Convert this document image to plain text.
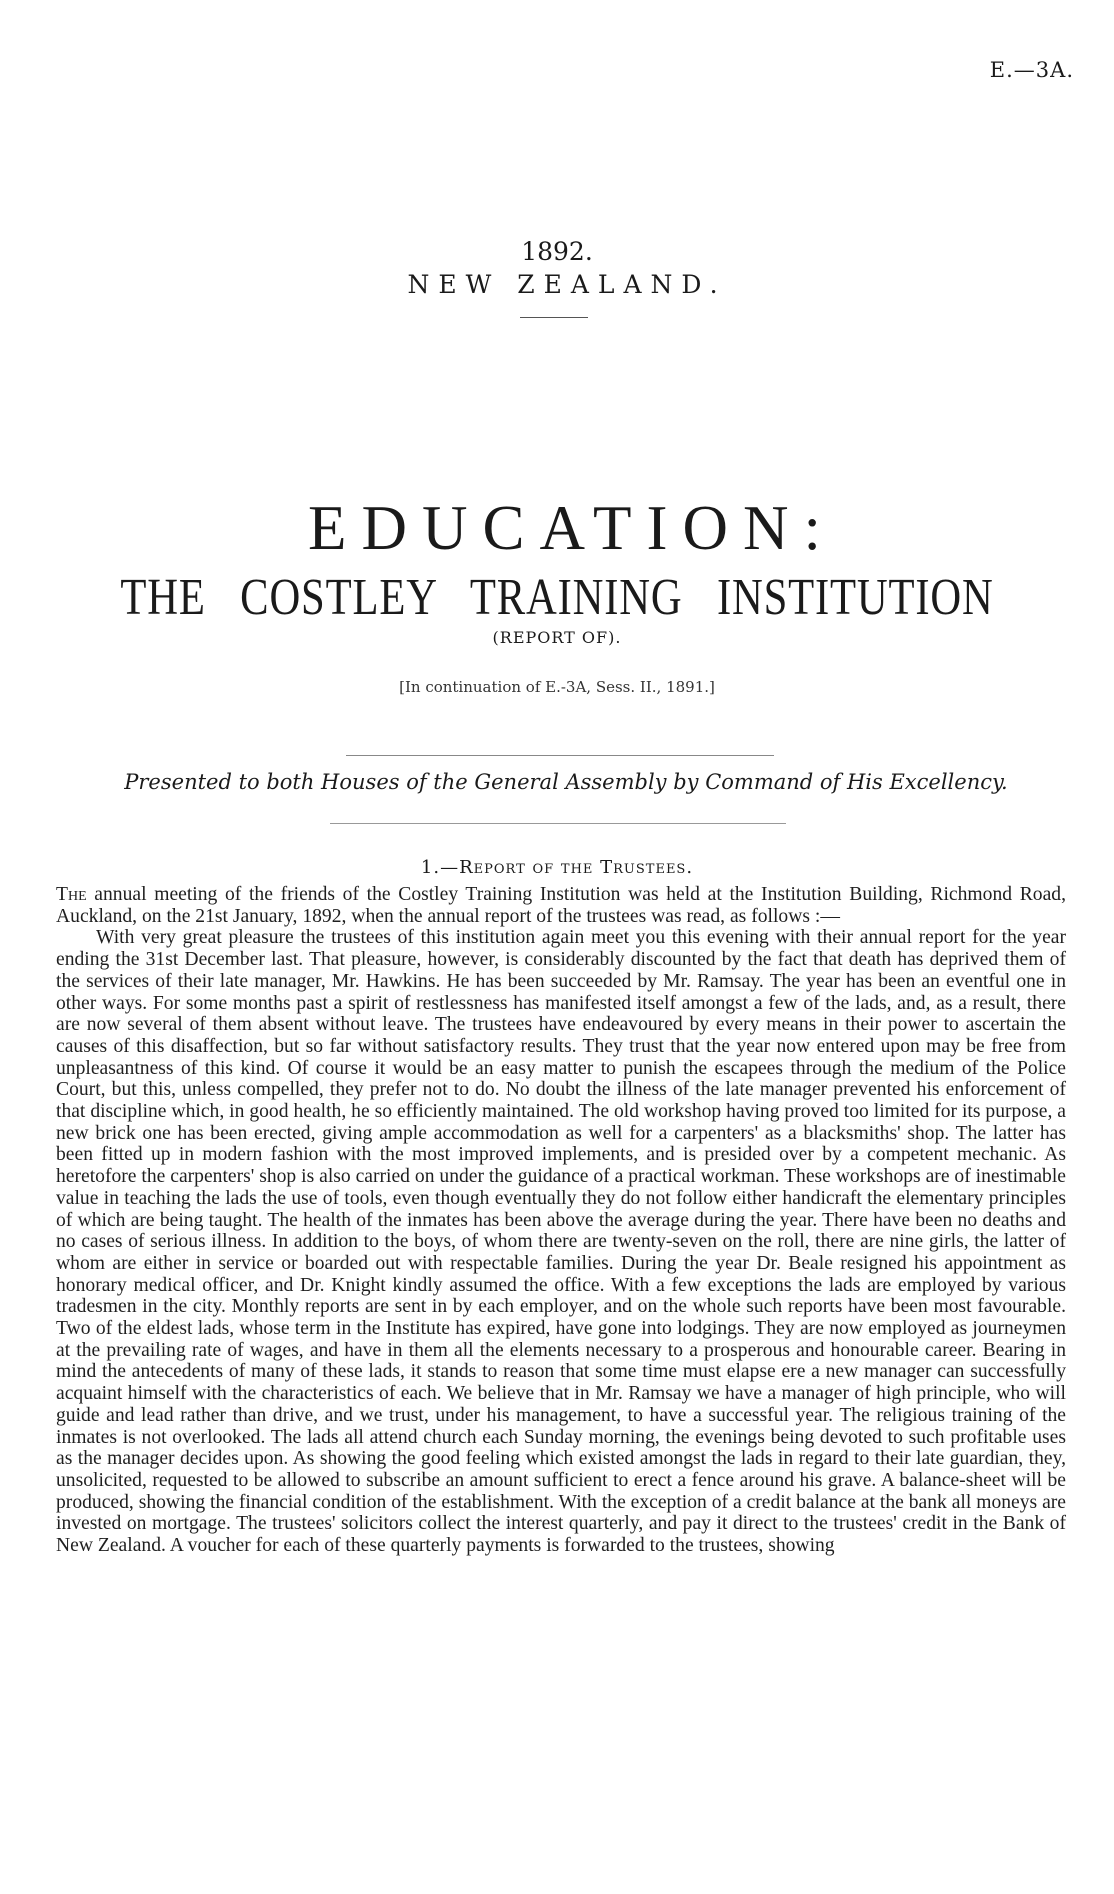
E.—3A.
1892.
NEW ZEALAND.
EDUCATION:
THE COSTLEY TRAINING INSTITUTION
(REPORT OF).
[In continuation of E.-3A, Sess. II., 1891.]
Presented to both Houses of the General Assembly by Command of His Excellency.
1.—Report of the Trustees.

The annual meeting of the friends of the Costley Training Institution was held at the Institution Building, Richmond Road, Auckland, on the 21st January, 1892, when the annual report of the trustees was read, as follows :—

With very great pleasure the trustees of this institution again meet you this evening with their annual report for the year ending the 31st December last. That pleasure, however, is considerably discounted by the fact that death has deprived them of the services of their late manager, Mr. Hawkins. He has been succeeded by Mr. Ramsay. The year has been an eventful one in other ways. For some months past a spirit of restlessness has manifested itself amongst a few of the lads, and, as a result, there are now several of them absent without leave. The trustees have endeavoured by every means in their power to ascertain the causes of this disaffection, but so far without satisfactory results. They trust that the year now entered upon may be free from unpleasantness of this kind. Of course it would be an easy matter to punish the escapees through the medium of the Police Court, but this, unless compelled, they prefer not to do. No doubt the illness of the late manager prevented his enforcement of that discipline which, in good health, he so efficiently maintained. The old workshop having proved too limited for its purpose, a new brick one has been erected, giving ample accommodation as well for a carpenters' as a blacksmiths' shop. The latter has been fitted up in modern fashion with the most improved implements, and is presided over by a competent mechanic. As heretofore the carpenters' shop is also carried on under the guidance of a practical workman. These workshops are of inestimable value in teaching the lads the use of tools, even though eventually they do not follow either handicraft the elementary principles of which are being taught. The health of the inmates has been above the average during the year. There have been no deaths and no cases of serious illness. In addition to the boys, of whom there are twenty-seven on the roll, there are nine girls, the latter of whom are either in service or boarded out with respectable families. During the year Dr. Beale resigned his appointment as honorary medical officer, and Dr. Knight kindly assumed the office. With a few exceptions the lads are employed by various tradesmen in the city. Monthly reports are sent in by each employer, and on the whole such reports have been most favourable. Two of the eldest lads, whose term in the Institute has expired, have gone into lodgings. They are now employed as journeymen at the prevailing rate of wages, and have in them all the elements necessary to a prosperous and honourable career. Bearing in mind the antecedents of many of these lads, it stands to reason that some time must elapse ere a new manager can successfully acquaint himself with the characteristics of each. We believe that in Mr. Ramsay we have a manager of high principle, who will guide and lead rather than drive, and we trust, under his management, to have a successful year. The religious training of the inmates is not overlooked. The lads all attend church each Sunday morning, the evenings being devoted to such profitable uses as the manager decides upon. As showing the good feeling which existed amongst the lads in regard to their late guardian, they, unsolicited, requested to be allowed to subscribe an amount sufficient to erect a fence around his grave. A balance-sheet will be produced, showing the financial condition of the establishment. With the exception of a credit balance at the bank all moneys are invested on mortgage. The trustees' solicitors collect the interest quarterly, and pay it direct to the trustees' credit in the Bank of New Zealand. A voucher for each of these quarterly payments is forwarded to the trustees, showing
